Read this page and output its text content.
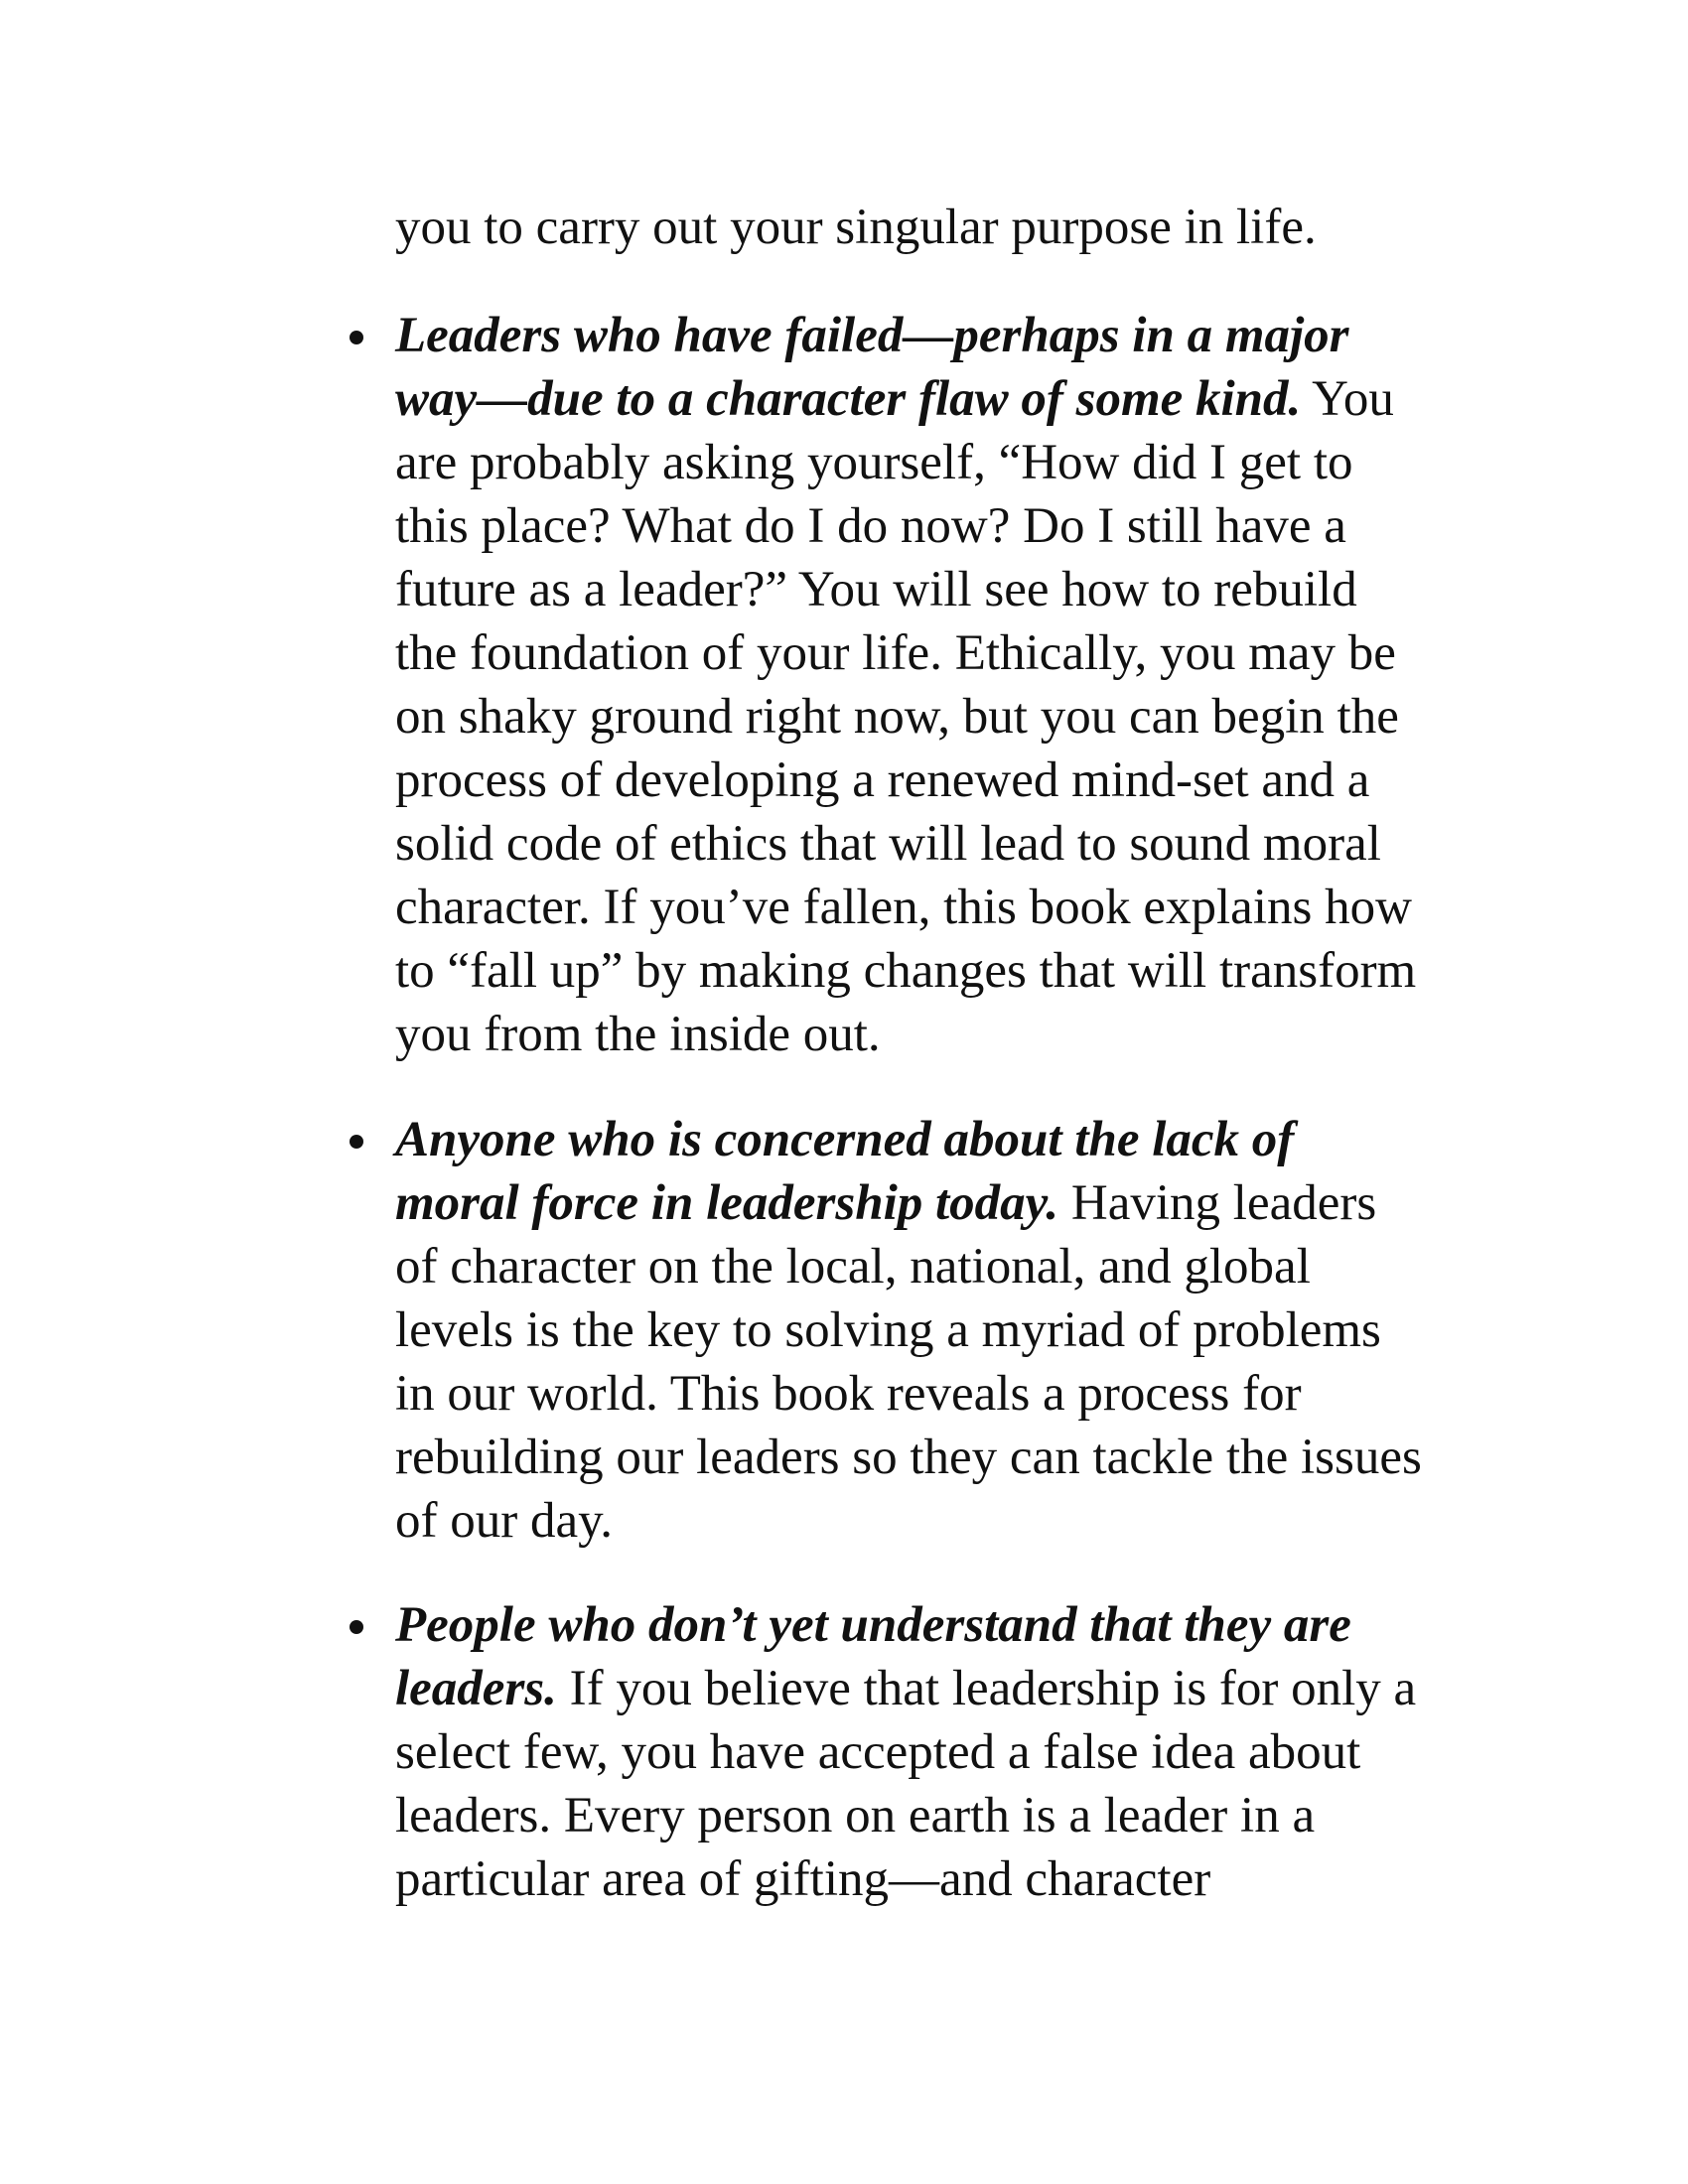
you to carry out your singular purpose in life.
Leaders who have failed—perhaps in a major
way—due to a character flaw of some kind. You
are probably asking yourself, “How did I get to
this place? What do I do now? Do I still have a
future as a leader?” You will see how to rebuild
the foundation of your life. Ethically, you may be
on shaky ground right now, but you can begin the
process of developing a renewed mind-set and a
solid code of ethics that will lead to sound moral
character. If you’ve fallen, this book explains how
to “fall up” by making changes that will transform
you from the inside out.
Anyone who is concerned about the lack of
moral force in leadership today. Having leaders
of character on the local, national, and global
levels is the key to solving a myriad of problems
in our world. This book reveals a process for
rebuilding our leaders so they can tackle the issues
of our day.
People who don’t yet understand that they are
leaders. If you believe that leadership is for only a
select few, you have accepted a false idea about
leaders. Every person on earth is a leader in a
particular area of gifting—and character
